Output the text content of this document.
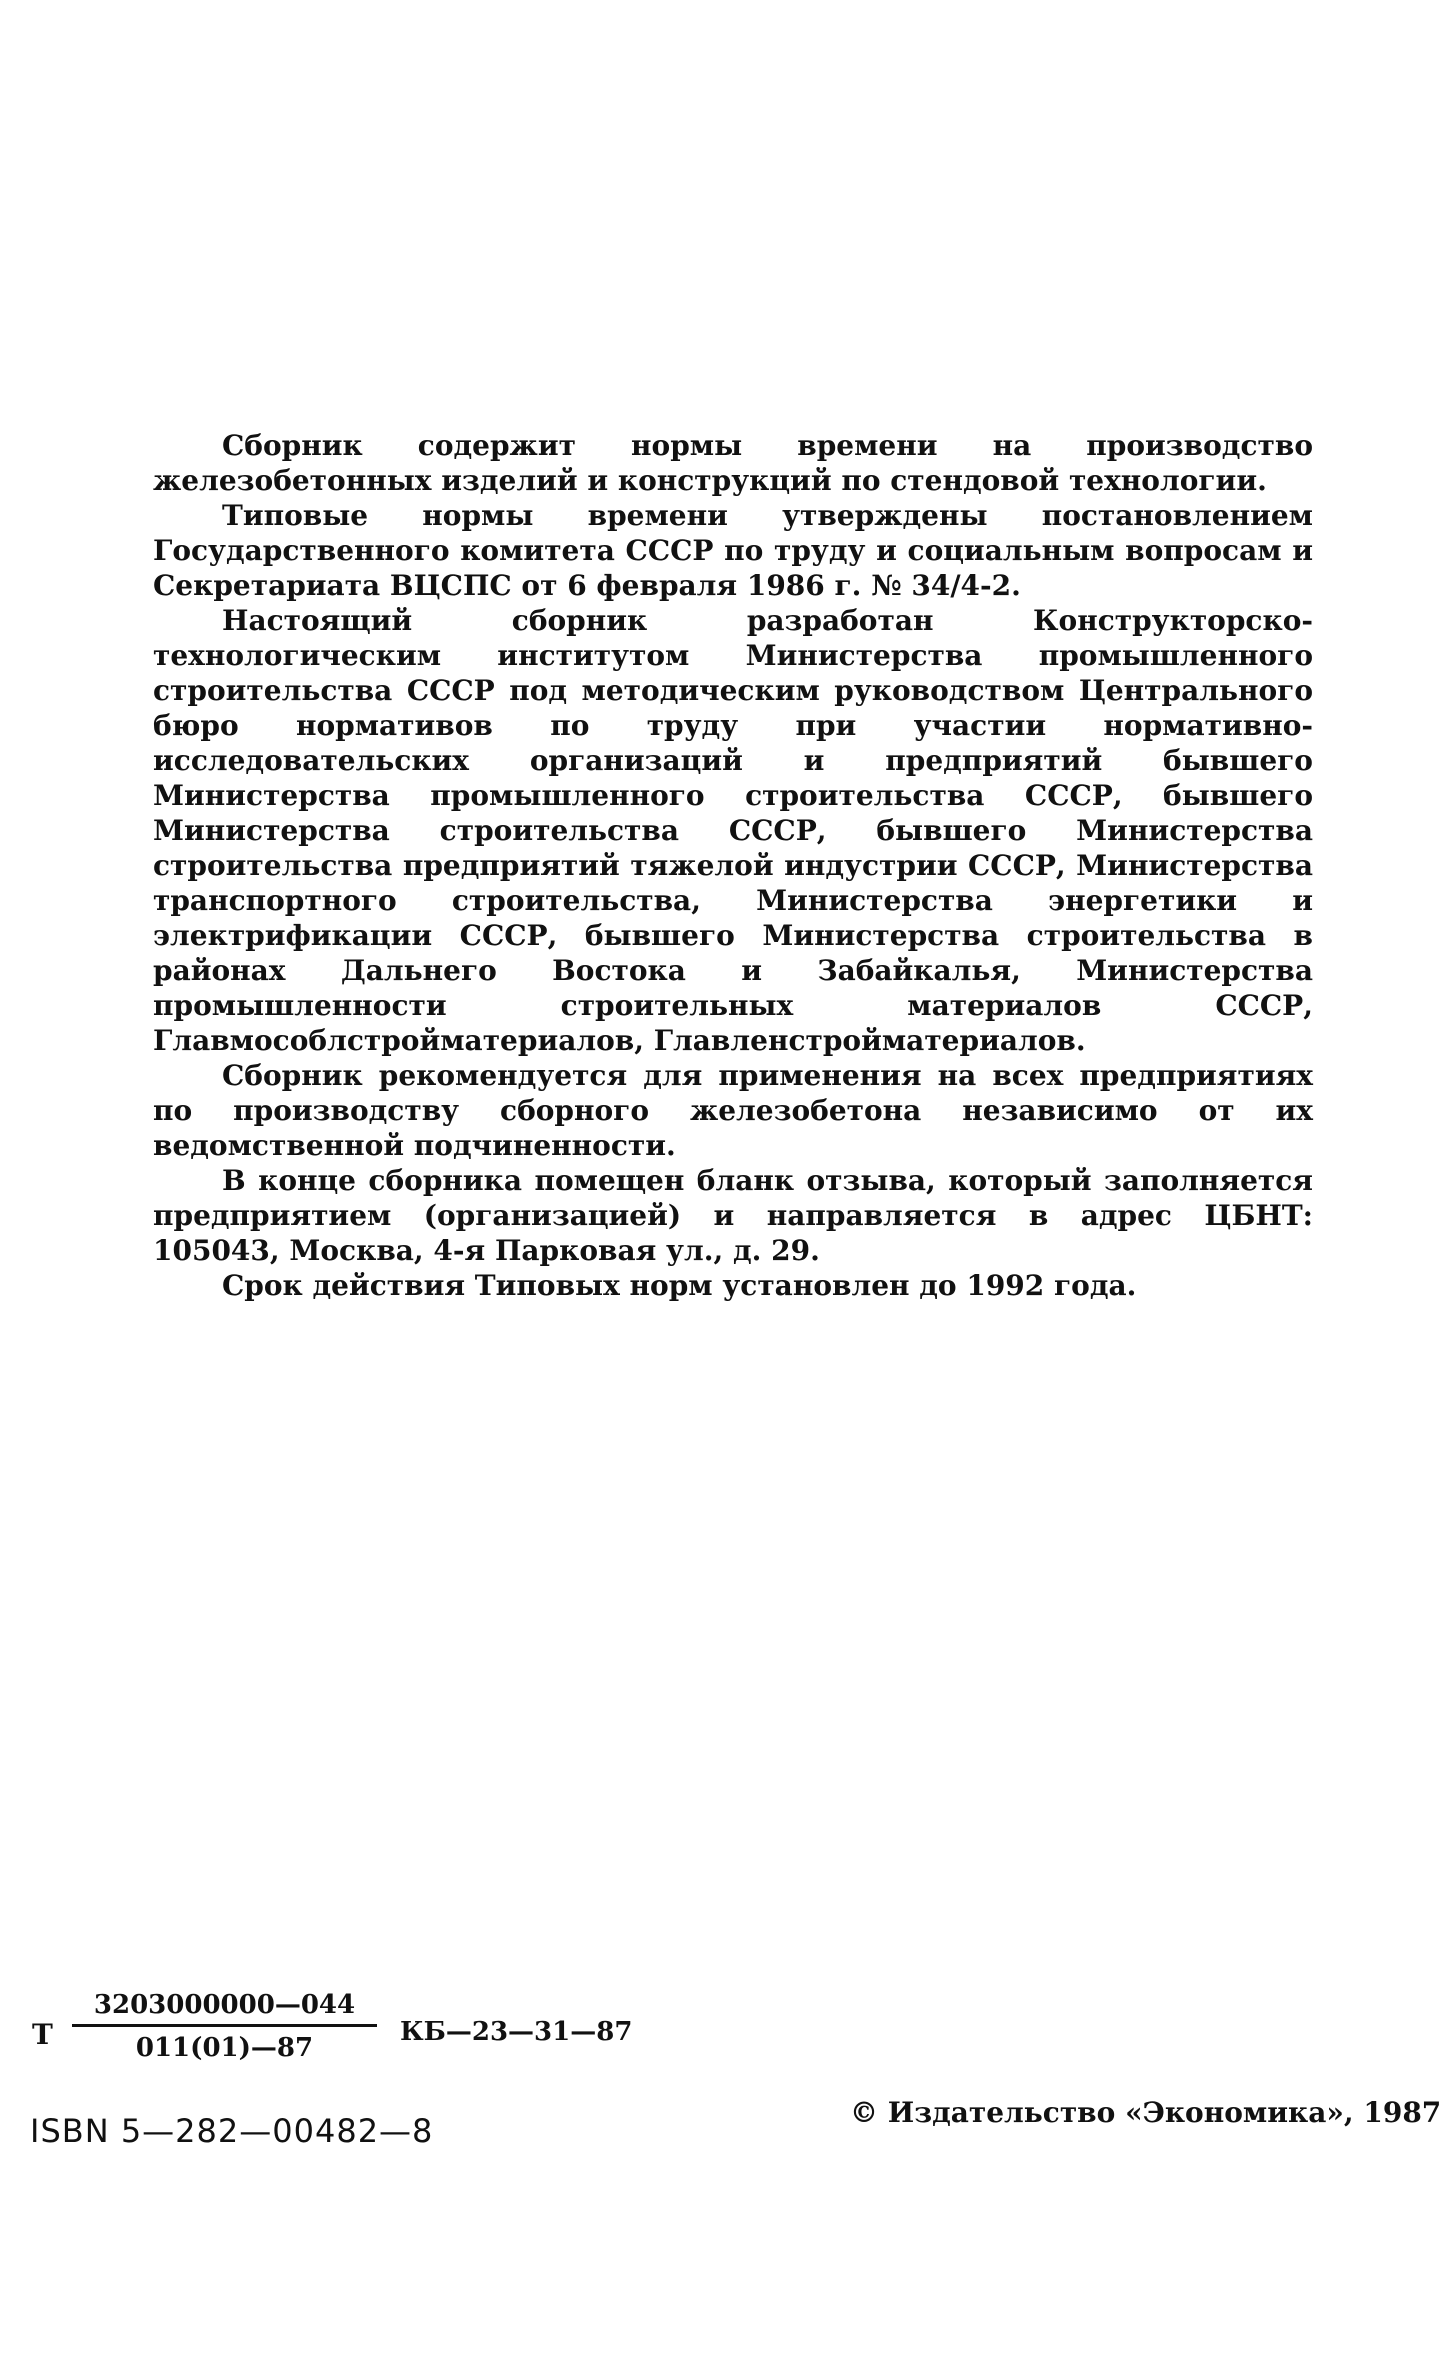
Сборник содержит нормы времени на производство железобетонных изделий и конструкций по стендовой технологии.

Типовые нормы времени утверждены постановлением Государственного комитета СССР по труду и социальным вопросам и Секретариата ВЦСПС от 6 февраля 1986 г. № 34/4-2.

Настоящий сборник разработан Конструкторско-технологическим институтом Министерства промышленного строительства СССР под методическим руководством Центрального бюро нормативов по труду при участии нормативно-исследовательских организаций и предприятий бывшего Министерства промышленного строительства СССР, бывшего Министерства строительства СССР, бывшего Министерства строительства предприятий тяжелой индустрии СССР, Министерства транспортного строительства, Министерства энергетики и электрификации СССР, бывшего Министерства строительства в районах Дальнего Востока и Забайкалья, Министерства промышленности строительных материалов СССР, Главмособлстройматериалов, Главленстройматериалов.

Сборник рекомендуется для применения на всех предприятиях по производству сборного железобетона независимо от их ведомственной подчиненности.

В конце сборника помещен бланк отзыва, который заполняется предприятием (организацией) и направляется в адрес ЦБНТ: 105043, Москва, 4-я Парковая ул., д. 29.

Срок действия Типовых норм установлен до 1992 года.

Т $\frac{3203000000—044}{011(01)—87}$ КБ—23—31—87
ISBN 5—282—00482—8	© Издательство «Экономика», 1987
